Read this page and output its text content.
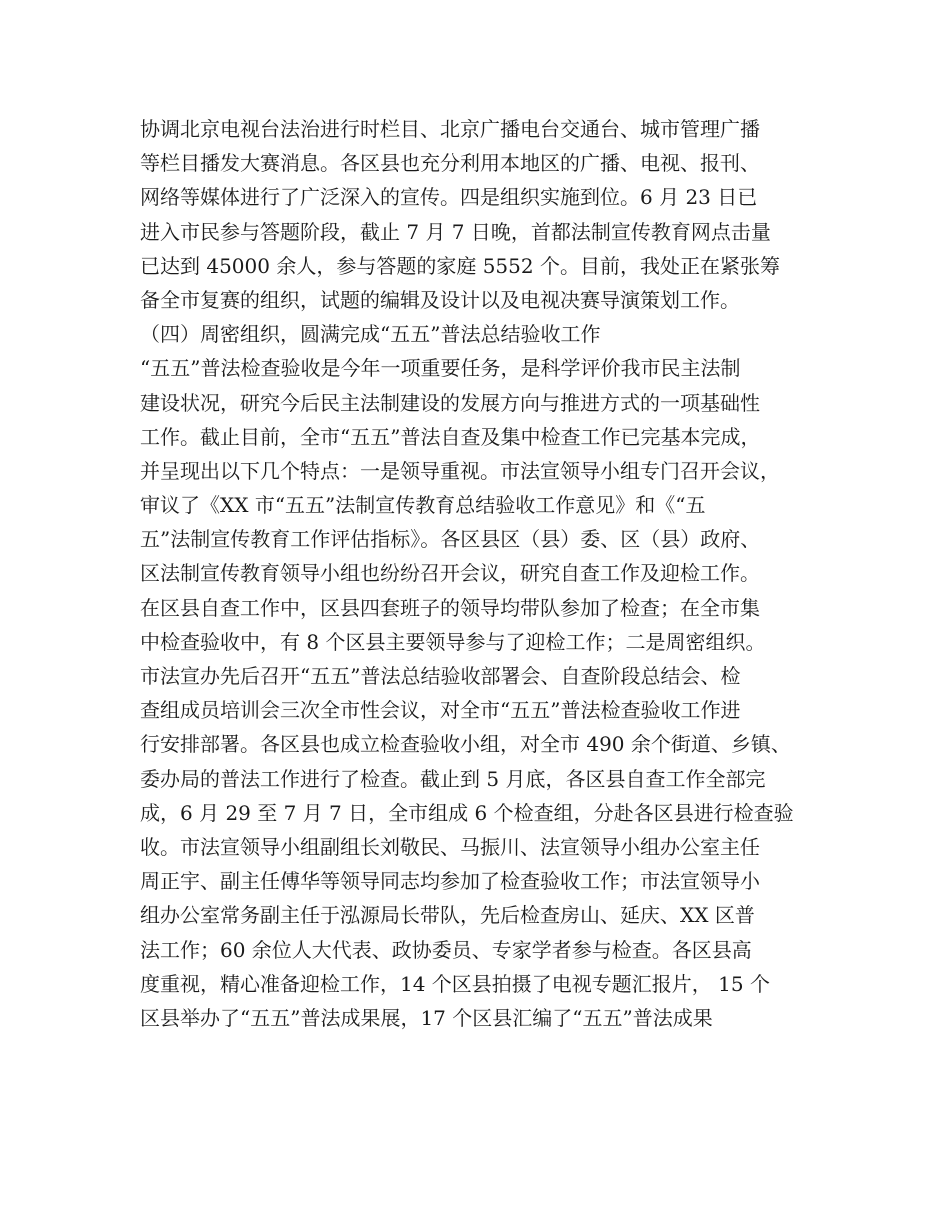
协调北京电视台法治进行时栏目、北京广播电台交通台、城市管理广播
等栏目播发大赛消息。各区县也充分利用本地区的广播、电视、报刊、
网络等媒体进行了广泛深入的宣传。四是组织实施到位。6 月 23 日已
进入市民参与答题阶段，截止 7 月 7 日晚，首都法制宣传教育网点击量
已达到 45000 余人，参与答题的家庭 5552 个。目前，我处正在紧张筹
备全市复赛的组织，试题的编辑及设计以及电视决赛导演策划工作。
（四）周密组织，圆满完成“五五”普法总结验收工作
“五五”普法检查验收是今年一项重要任务，是科学评价我市民主法制
建设状况，研究今后民主法制建设的发展方向与推进方式的一项基础性
工作。截止目前，全市“五五”普法自查及集中检查工作已完基本完成，
并呈现出以下几个特点：一是领导重视。市法宣领导小组专门召开会议，
审议了《XX 市“五五”法制宣传教育总结验收工作意见》和《“五
五”法制宣传教育工作评估指标》。各区县区（县）委、区（县）政府、
区法制宣传教育领导小组也纷纷召开会议，研究自查工作及迎检工作。
在区县自查工作中，区县四套班子的领导均带队参加了检查；在全市集
中检查验收中，有 8 个区县主要领导参与了迎检工作；二是周密组织。
市法宣办先后召开“五五”普法总结验收部署会、自查阶段总结会、检
查组成员培训会三次全市性会议，对全市“五五”普法检查验收工作进
行安排部署。各区县也成立检查验收小组，对全市 490 余个街道、乡镇、
委办局的普法工作进行了检查。截止到 5 月底，各区县自查工作全部完
成，6 月 29 至 7 月 7 日，全市组成 6 个检查组，分赴各区县进行检查验
收。市法宣领导小组副组长刘敬民、马振川、法宣领导小组办公室主任
周正宇、副主任傅华等领导同志均参加了检查验收工作；市法宣领导小
组办公室常务副主任于泓源局长带队，先后检查房山、延庆、XX 区普
法工作；60 余位人大代表、政协委员、专家学者参与检查。各区县高
度重视，精心准备迎检工作，14 个区县拍摄了电视专题汇报片， 15 个
区县举办了“五五”普法成果展，17 个区县汇编了“五五”普法成果
